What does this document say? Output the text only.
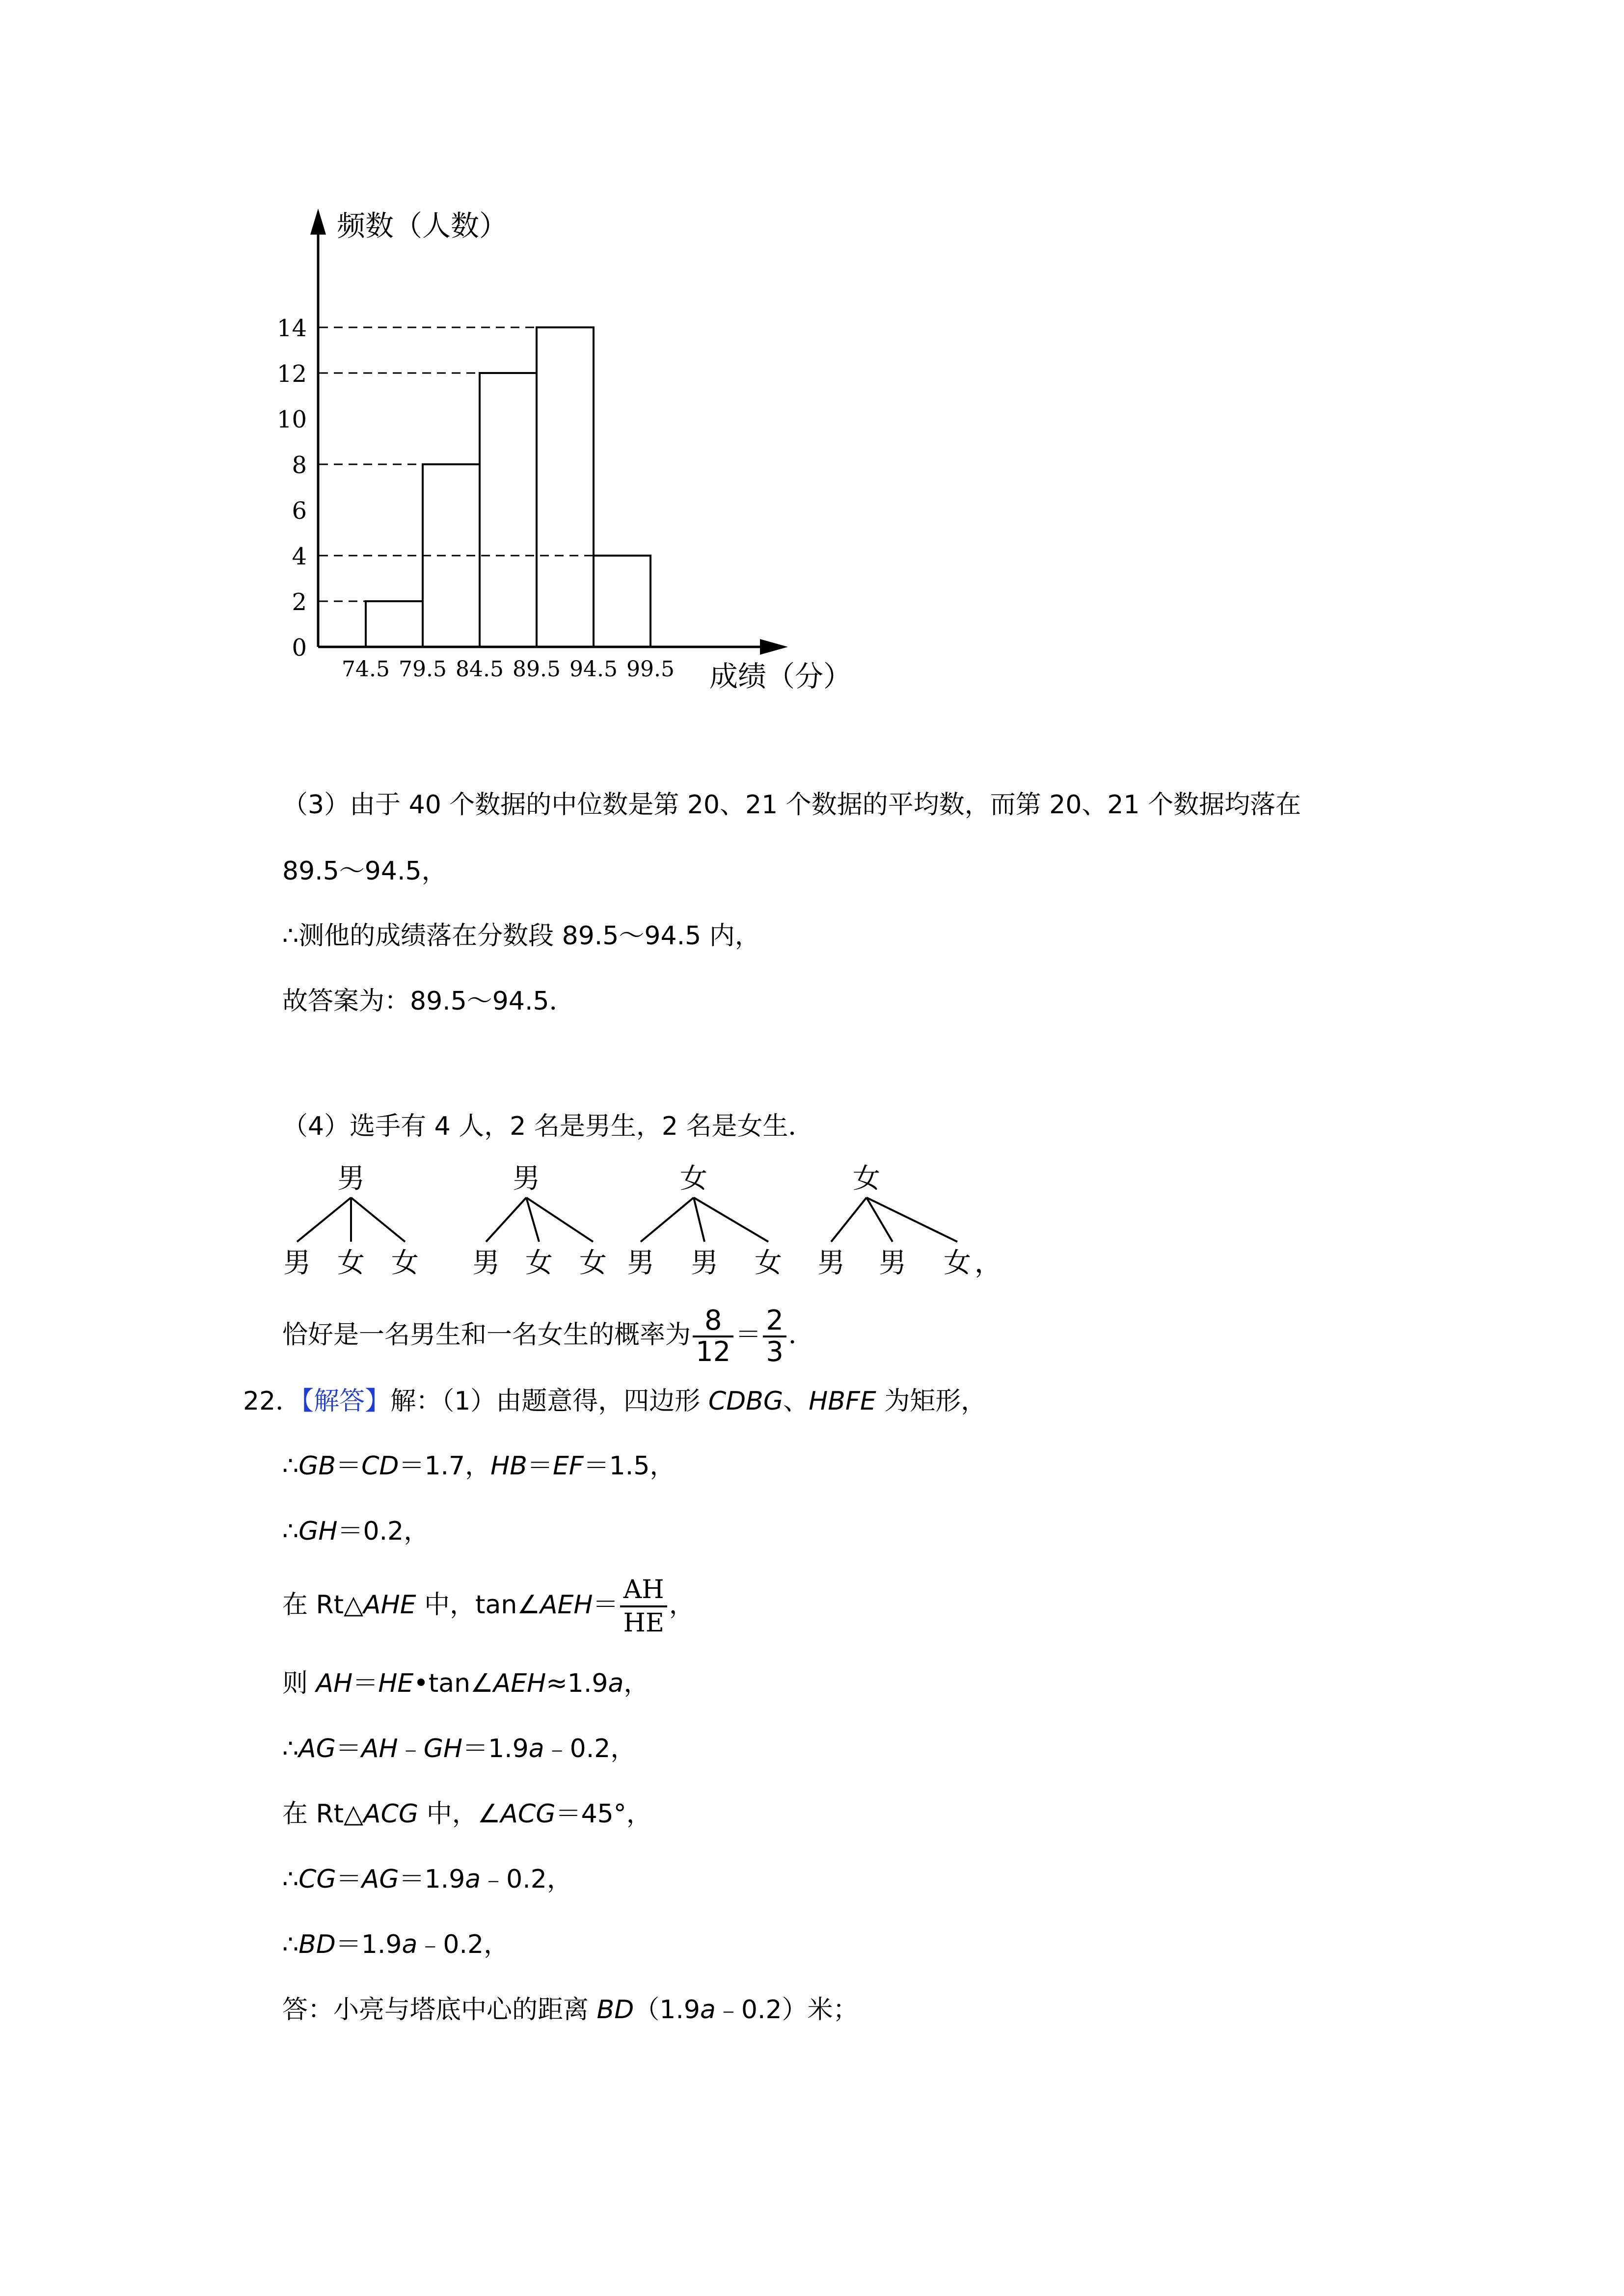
频数（人数）
成绩（分）
0
2
4
6
8
10
12
14
74.5 79.5 84.5 89.5 94.5 99.5
（3）由于 40 个数据的中位数是第 20、21 个数据的平均数，而第 20、21 个数据均落在
89.5～94.5，
∴测他的成绩落在分数段 89.5～94.5 内，
故答案为：89.5～94.5．
（4）选手有 4 人，2 名是男生，2 名是女生．
男
男 女 女
男
男 女 女
女
男 男 女
女
男 男 女 ，
恰好是一名男生和一名女生的概率为 $\frac{8}{12} = \frac{2}{3}$ ．
22．【解答】解：（1）由题意得，四边形 CDBG、HBFE 为矩形，
∴GB＝CD＝1.7，HB＝EF＝1.5，
∴GH＝0.2，
在 Rt△AHE 中，tan∠AEH＝ $\frac{AH}{HE}$ ，
则 AH＝HE•tan∠AEH≈1.9a，
∴AG＝AH﹣GH＝1.9a﹣0.2，
在 Rt△ACG 中，∠ACG＝45°，
∴CG＝AG＝1.9a﹣0.2，
∴BD＝1.9a﹣0.2，
答：小亮与塔底中心的距离 BD（1.9a﹣0.2）米；
